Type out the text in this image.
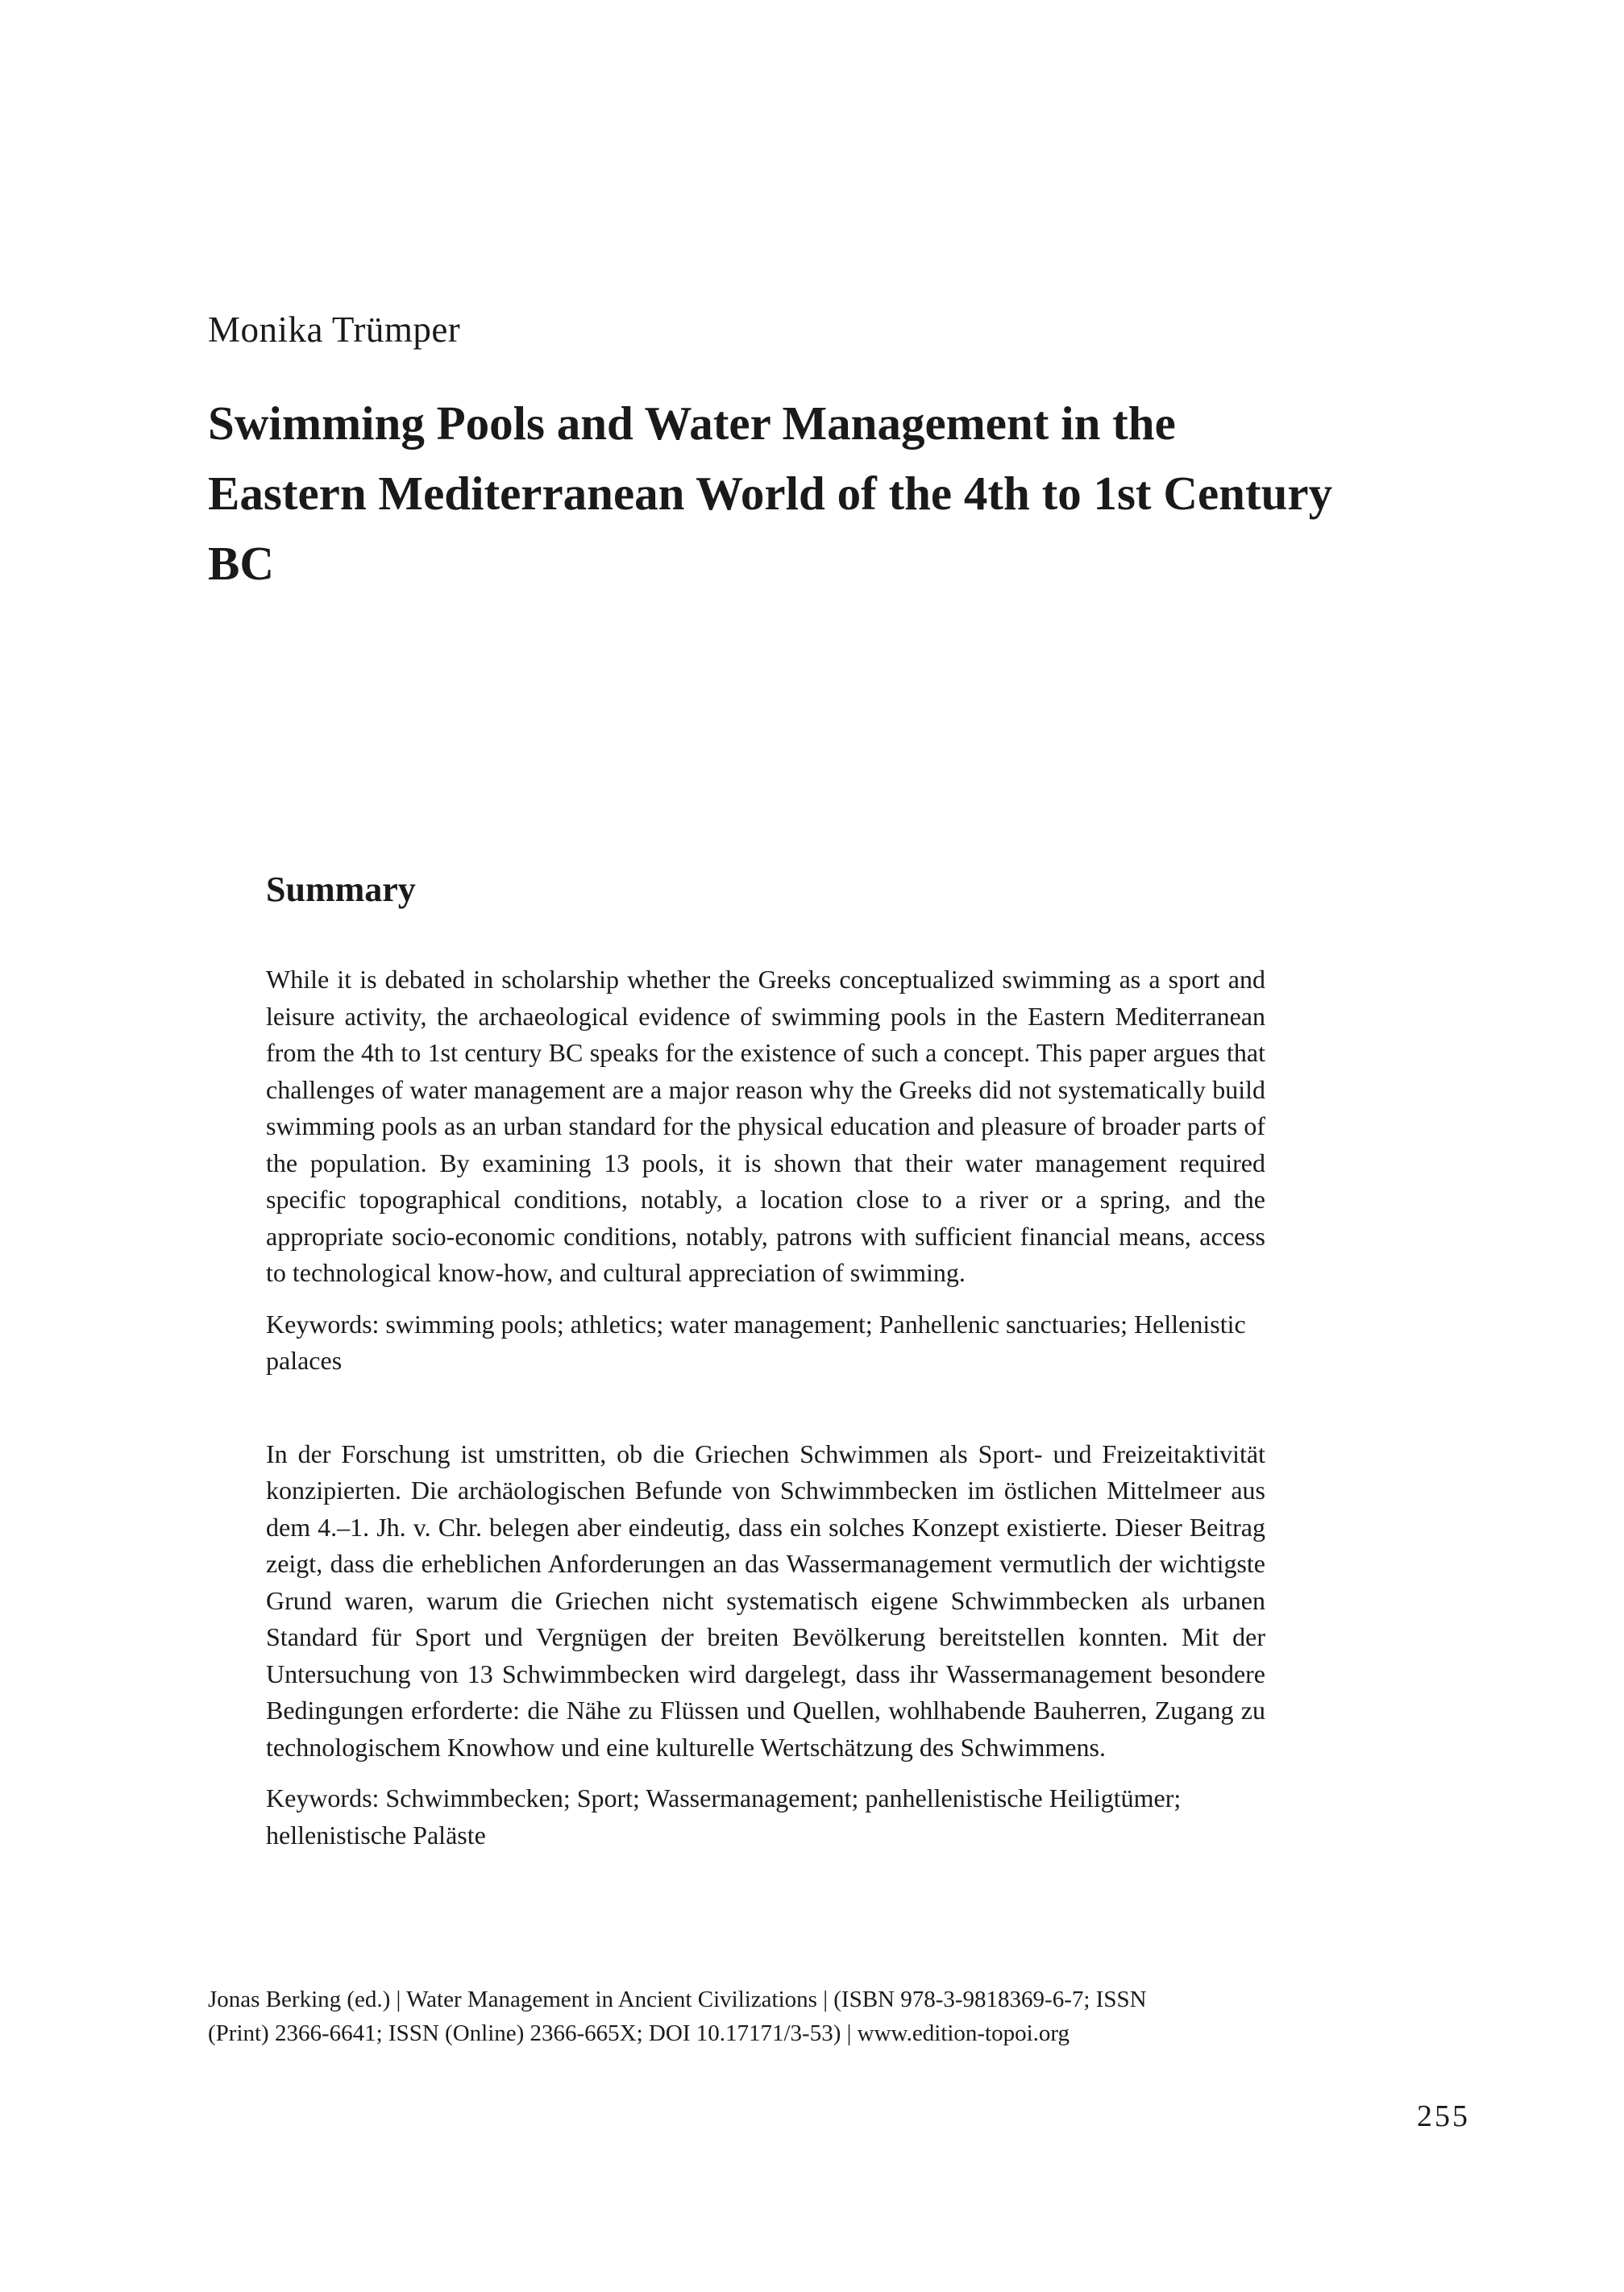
Monika Trümper
Swimming Pools and Water Management in the Eastern Mediterranean World of the 4th to 1st Century BC
Summary

While it is debated in scholarship whether the Greeks conceptualized swimming as a sport and leisure activity, the archaeological evidence of swimming pools in the Eastern Mediterranean from the 4th to 1st century BC speaks for the existence of such a concept. This paper argues that challenges of water management are a major reason why the Greeks did not systematically build swimming pools as an urban standard for the physical education and pleasure of broader parts of the population. By examining 13 pools, it is shown that their water management required specific topographical conditions, notably, a location close to a river or a spring, and the appropriate socio-economic conditions, notably, patrons with sufficient financial means, access to technological know-how, and cultural appreciation of swimming.

Keywords: swimming pools; athletics; water management; Panhellenic sanctuaries; Hellenistic palaces

In der Forschung ist umstritten, ob die Griechen Schwimmen als Sport- und Freizeitaktivität konzipierten. Die archäologischen Befunde von Schwimmbecken im östlichen Mittelmeer aus dem 4.–1. Jh. v. Chr. belegen aber eindeutig, dass ein solches Konzept existierte. Dieser Beitrag zeigt, dass die erheblichen Anforderungen an das Wassermanagement vermutlich der wichtigste Grund waren, warum die Griechen nicht systematisch eigene Schwimmbecken als urbanen Standard für Sport und Vergnügen der breiten Bevölkerung bereitstellen konnten. Mit der Untersuchung von 13 Schwimmbecken wird dargelegt, dass ihr Wassermanagement besondere Bedingungen erforderte: die Nähe zu Flüssen und Quellen, wohlhabende Bauherren, Zugang zu technologischem Knowhow und eine kulturelle Wertschätzung des Schwimmens.

Keywords: Schwimmbecken; Sport; Wassermanagement; panhellenistische Heiligtümer; hellenistische Paläste

Jonas Berking (ed.) | Water Management in Ancient Civilizations | (ISBN 978-3-9818369-6-7; ISSN
(Print) 2366-6641; ISSN (Online) 2366-665X; DOI 10.17171/3-53) | www.edition-topoi.org
255
